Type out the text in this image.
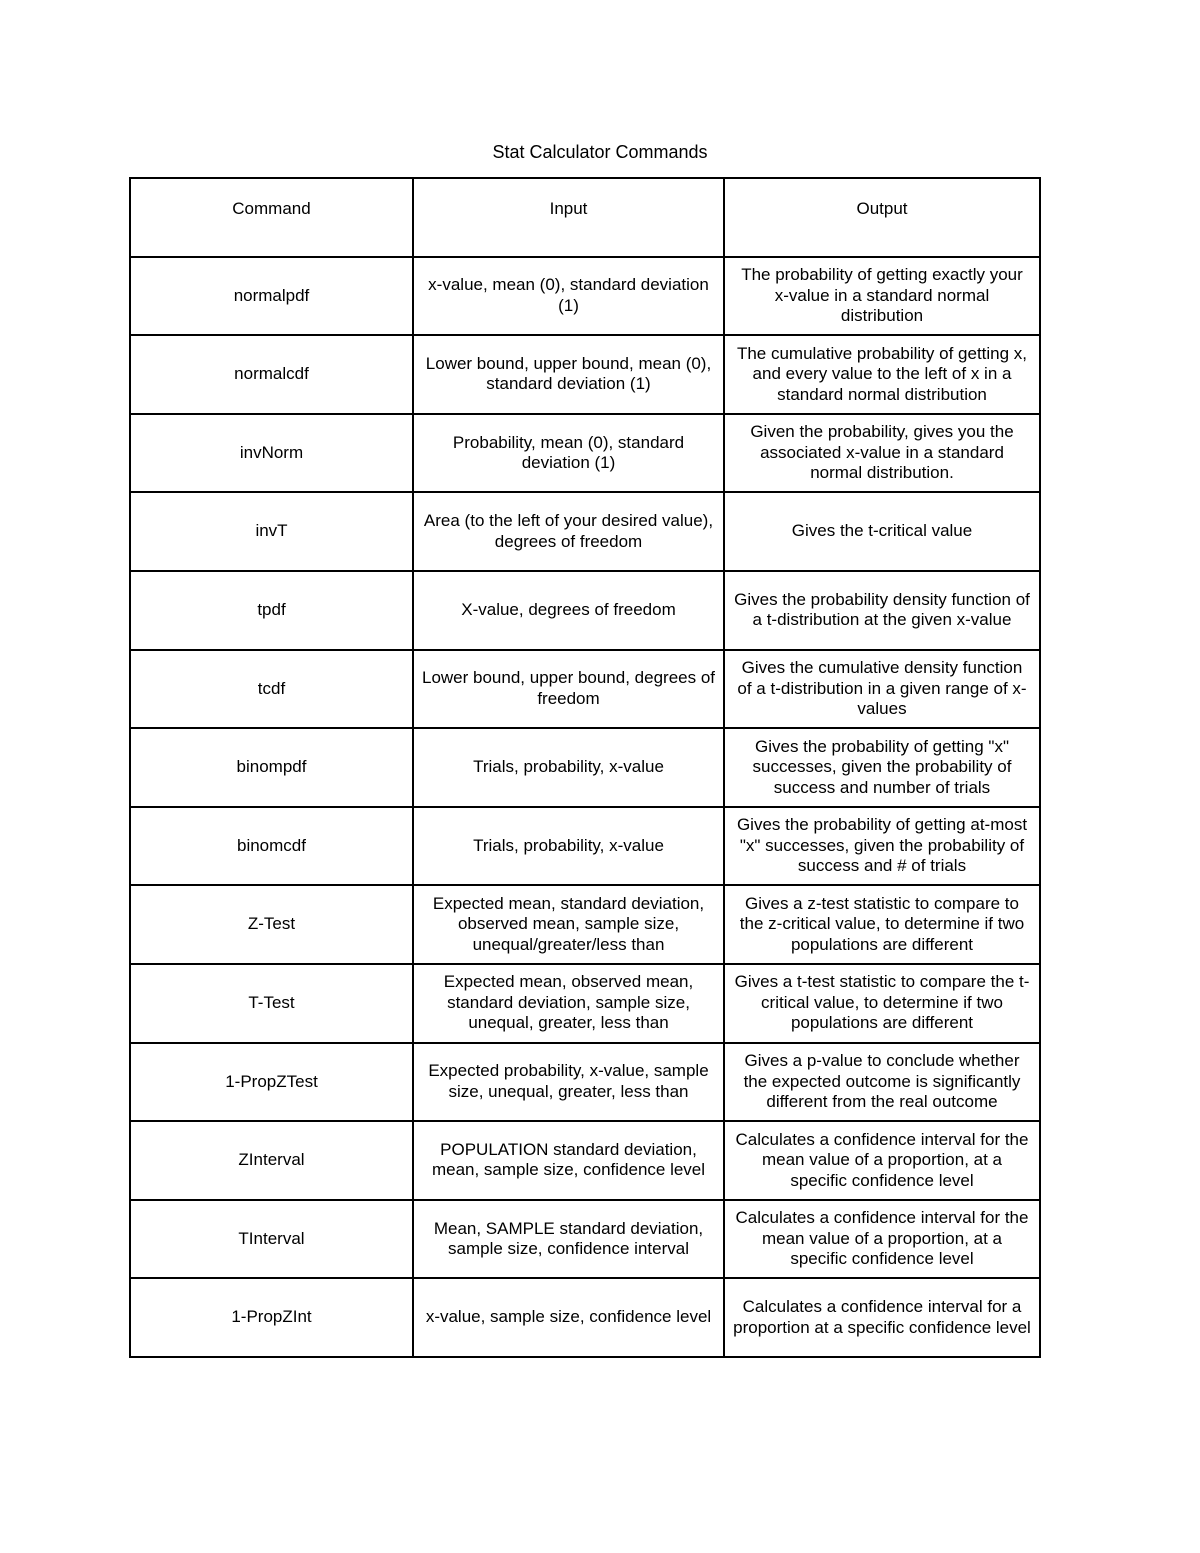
Stat Calculator Commands
Command	Input	Output
normalpdf	x-value, mean (0), standard deviation (1)	The probability of getting exactly your x-value in a standard normal distribution
normalcdf	Lower bound, upper bound, mean (0), standard deviation (1)	The cumulative probability of getting x, and every value to the left of x in a standard normal distribution
invNorm	Probability, mean (0), standard deviation (1)	Given the probability, gives you the associated x-value in a standard normal distribution.
invT	Area (to the left of your desired value), degrees of freedom	Gives the t-critical value
tpdf	X-value, degrees of freedom	Gives the probability density function of a t-distribution at the given x-value
tcdf	Lower bound, upper bound, degrees of freedom	Gives the cumulative density function of a t-distribution in a given range of x-values
binompdf	Trials, probability, x-value	Gives the probability of getting "x" successes, given the probability of success and number of trials
binomcdf	Trials, probability, x-value	Gives the probability of getting at-most "x" successes, given the probability of success and # of trials
Z-Test	Expected mean, standard deviation, observed mean, sample size, unequal/greater/less than	Gives a z-test statistic to compare to the z-critical value, to determine if two populations are different
T-Test	Expected mean, observed mean, standard deviation, sample size, unequal, greater, less than	Gives a t-test statistic to compare the t-critical value, to determine if two populations are different
1-PropZTest	Expected probability, x-value, sample size, unequal, greater, less than	Gives a p-value to conclude whether the expected outcome is significantly different from the real outcome
ZInterval	POPULATION standard deviation, mean, sample size, confidence level	Calculates a confidence interval for the mean value of a proportion, at a specific confidence level
TInterval	Mean, SAMPLE standard deviation, sample size, confidence interval	Calculates a confidence interval for the mean value of a proportion, at a specific confidence level
1-PropZInt	x-value, sample size, confidence level	Calculates a confidence interval for a proportion at a specific confidence level
